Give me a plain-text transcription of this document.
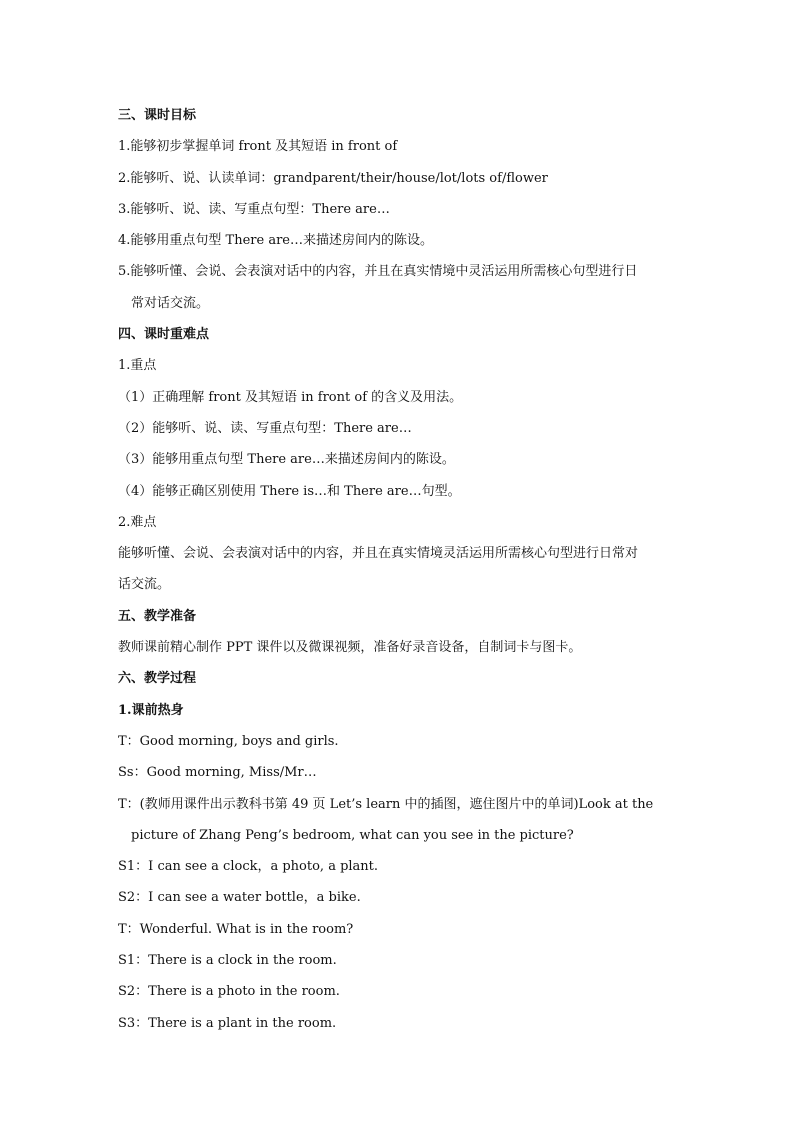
三、课时目标
1.能够初步掌握单词 front 及其短语 in front of
2.能够听、说、认读单词：grandparent/their/house/lot/lots of/flower
3.能够听、说、读、写重点句型：There are…
4.能够用重点句型 There are…来描述房间内的陈设。
5.能够听懂、会说、会表演对话中的内容，并且在真实情境中灵活运用所需核心句型进行日
常对话交流。
四、课时重难点
1.重点
（1）正确理解 front 及其短语 in front of 的含义及用法。
（2）能够听、说、读、写重点句型：There are…
（3）能够用重点句型 There are…来描述房间内的陈设。
（4）能够正确区别使用 There is…和 There are…句型。
2.难点
能够听懂、会说、会表演对话中的内容，并且在真实情境灵活运用所需核心句型进行日常对
话交流。
五、教学准备
教师课前精心制作 PPT 课件以及微课视频，准备好录音设备，自制词卡与图卡。
六、教学过程
1.课前热身
T：Good morning, boys and girls.
Ss：Good morning, Miss/Mr…
T：(教师用课件出示教科书第 49 页 Let’s learn 中的插图，遮住图片中的单词)Look at the
picture of Zhang Peng’s bedroom, what can you see in the picture?
S1：I can see a clock，a photo, a plant.
S2：I can see a water bottle，a bike.
T：Wonderful. What is in the room?
S1：There is a clock in the room.
S2：There is a photo in the room.
S3：There is a plant in the room.
